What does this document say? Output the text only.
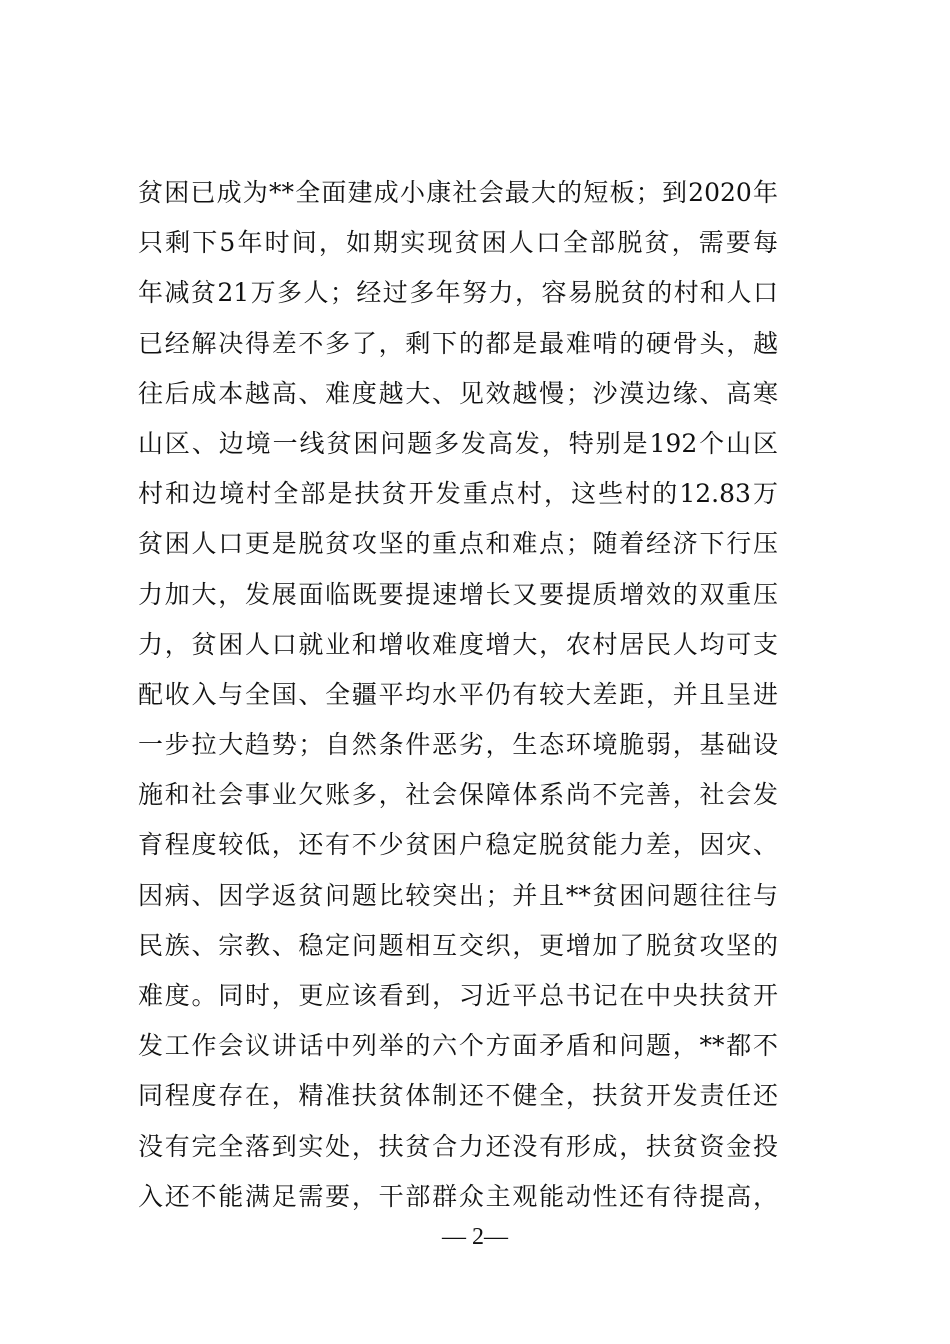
贫困已成为**全面建成小康社会最大的短板；到2020年
只剩下5年时间，如期实现贫困人口全部脱贫，需要每
年减贫21万多人；经过多年努力，容易脱贫的村和人口
已经解决得差不多了，剩下的都是最难啃的硬骨头，越
往后成本越高、难度越大、见效越慢；沙漠边缘、高寒
山区、边境一线贫困问题多发高发，特别是192个山区
村和边境村全部是扶贫开发重点村，这些村的12.83万
贫困人口更是脱贫攻坚的重点和难点；随着经济下行压
力加大，发展面临既要提速增长又要提质增效的双重压
力，贫困人口就业和增收难度增大，农村居民人均可支
配收入与全国、全疆平均水平仍有较大差距，并且呈进
一步拉大趋势；自然条件恶劣，生态环境脆弱，基础设
施和社会事业欠账多，社会保障体系尚不完善，社会发
育程度较低，还有不少贫困户稳定脱贫能力差，因灾、
因病、因学返贫问题比较突出；并且**贫困问题往往与
民族、宗教、稳定问题相互交织，更增加了脱贫攻坚的
难度。同时，更应该看到，习近平总书记在中央扶贫开
发工作会议讲话中列举的六个方面矛盾和问题，**都不
同程度存在，精准扶贫体制还不健全，扶贫开发责任还
没有完全落到实处，扶贫合力还没有形成，扶贫资金投
入还不能满足需要，干部群众主观能动性还有待提高，
— 2—
